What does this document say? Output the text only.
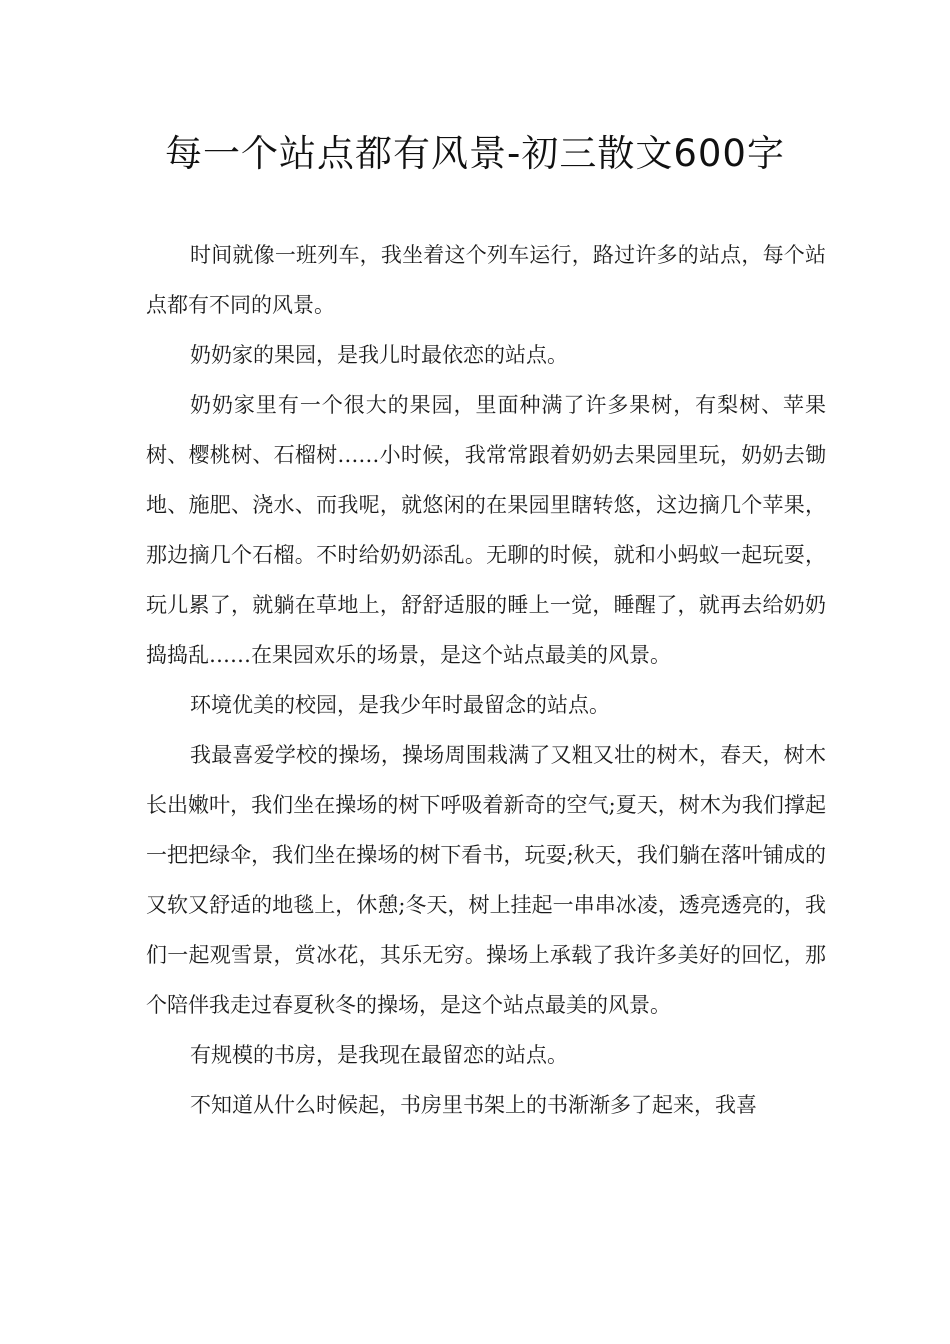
每一个站点都有风景-初三散文600字

时间就像一班列车，我坐着这个列车运行，路过许多的站点，每个站点都有不同的风景。

奶奶家的果园，是我儿时最依恋的站点。

奶奶家里有一个很大的果园，里面种满了许多果树，有梨树、苹果树、樱桃树、石榴树……小时候，我常常跟着奶奶去果园里玩，奶奶去锄地、施肥、浇水、而我呢，就悠闲的在果园里瞎转悠，这边摘几个苹果，那边摘几个石榴。不时给奶奶添乱。无聊的时候，就和小蚂蚁一起玩耍，玩儿累了，就躺在草地上，舒舒适服的睡上一觉，睡醒了，就再去给奶奶捣捣乱……在果园欢乐的场景，是这个站点最美的风景。

环境优美的校园，是我少年时最留念的站点。

我最喜爱学校的操场，操场周围栽满了又粗又壮的树木，春天，树木长出嫩叶，我们坐在操场的树下呼吸着新奇的空气;夏天，树木为我们撑起一把把绿伞，我们坐在操场的树下看书，玩耍;秋天，我们躺在落叶铺成的又软又舒适的地毯上，休憩;冬天，树上挂起一串串冰凌，透亮透亮的，我们一起观雪景，赏冰花，其乐无穷。操场上承载了我许多美好的回忆，那个陪伴我走过春夏秋冬的操场，是这个站点最美的风景。

有规模的书房，是我现在最留恋的站点。

不知道从什么时候起，书房里书架上的书渐渐多了起来，我喜
